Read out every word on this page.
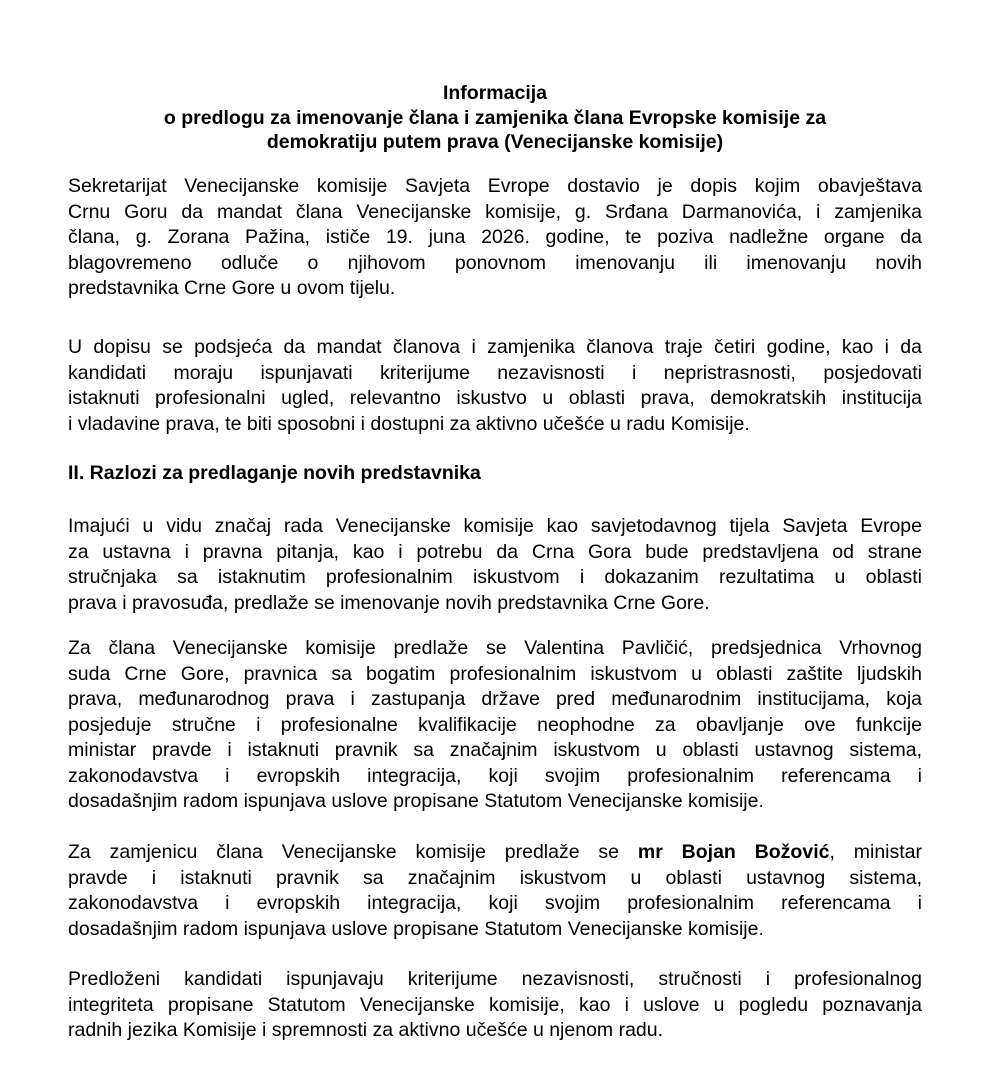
Informacija
o predlogu za imenovanje člana i zamjenika člana Evropske komisije za
demokratiju putem prava (Venecijanske komisije)
Sekretarijat Venecijanske komisije Savjeta Evrope dostavio je dopis kojim obavještava
Crnu Goru da mandat člana Venecijanske komisije, g. Srđana Darmanovića, i zamjenika
člana, g. Zorana Pažina, ističe 19. juna 2026. godine, te poziva nadležne organe da
blagovremeno odluče o njihovom ponovnom imenovanju ili imenovanju novih
predstavnika Crne Gore u ovom tijelu.
U dopisu se podsjeća da mandat članova i zamjenika članova traje četiri godine, kao i da
kandidati moraju ispunjavati kriterijume nezavisnosti i nepristrasnosti, posjedovati
istaknuti profesionalni ugled, relevantno iskustvo u oblasti prava, demokratskih institucija
i vladavine prava, te biti sposobni i dostupni za aktivno učešće u radu Komisije.
II. Razlozi za predlaganje novih predstavnika
Imajući u vidu značaj rada Venecijanske komisije kao savjetodavnog tijela Savjeta Evrope
za ustavna i pravna pitanja, kao i potrebu da Crna Gora bude predstavljena od strane
stručnjaka sa istaknutim profesionalnim iskustvom i dokazanim rezultatima u oblasti
prava i pravosuđa, predlaže se imenovanje novih predstavnika Crne Gore.
Za člana Venecijanske komisije predlaže se Valentina Pavličić, predsjednica Vrhovnog
suda Crne Gore, pravnica sa bogatim profesionalnim iskustvom u oblasti zaštite ljudskih
prava, međunarodnog prava i zastupanja države pred međunarodnim institucijama, koja
posjeduje stručne i profesionalne kvalifikacije neophodne za obavljanje ove funkcije
ministar pravde i istaknuti pravnik sa značajnim iskustvom u oblasti ustavnog sistema,
zakonodavstva i evropskih integracija, koji svojim profesionalnim referencama i
dosadašnjim radom ispunjava uslove propisane Statutom Venecijanske komisije.
Za zamjenicu člana Venecijanske komisije predlaže se mr Bojan Božović, ministar
pravde i istaknuti pravnik sa značajnim iskustvom u oblasti ustavnog sistema,
zakonodavstva i evropskih integracija, koji svojim profesionalnim referencama i
dosadašnjim radom ispunjava uslove propisane Statutom Venecijanske komisije.
Predloženi kandidati ispunjavaju kriterijume nezavisnosti, stručnosti i profesionalnog
integriteta propisane Statutom Venecijanske komisije, kao i uslove u pogledu poznavanja
radnih jezika Komisije i spremnosti za aktivno učešće u njenom radu.
